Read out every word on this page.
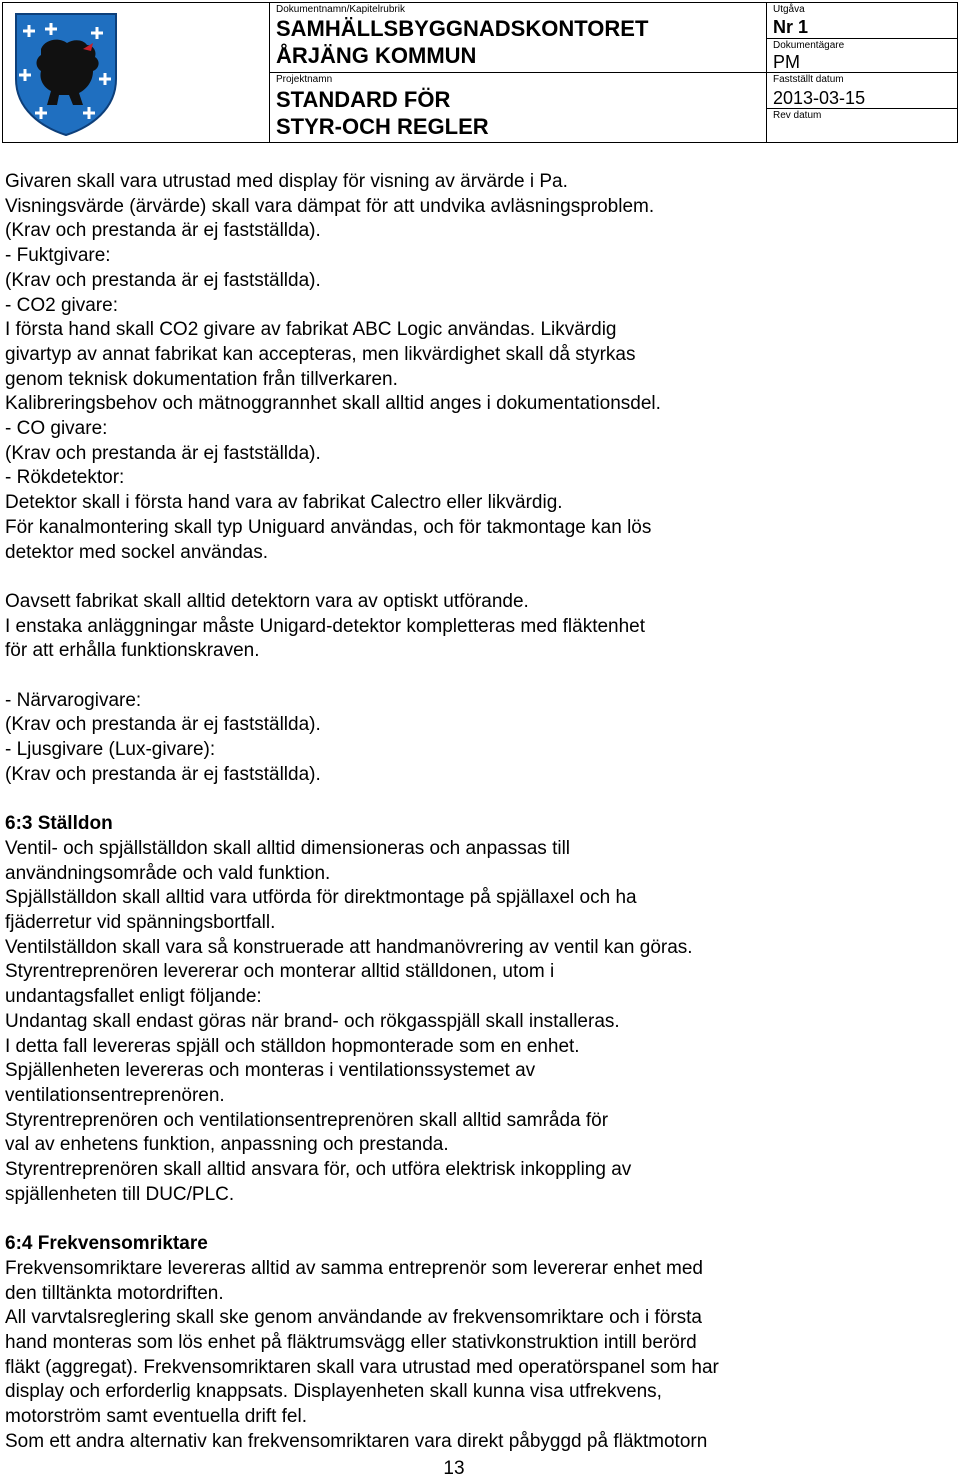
Dokumentnamn/Kapitelrubrik
SAMHÄLLSBYGGNADSKONTORET
ÅRJÄNG KOMMUN
Projektnamn
STANDARD FÖR
STYR-OCH REGLER
Utgåva
Nr 1
Dokumentägare
PM
Fastställt datum
2013-03-15
Rev datum

Givaren skall vara utrustad med display för visning av ärvärde i Pa.

Visningsvärde (ärvärde) skall vara dämpat för att undvika avläsningsproblem.

(Krav och prestanda är ej fastställda).

- Fuktgivare:

(Krav och prestanda är ej fastställda).

- CO2 givare:

I första hand skall CO2 givare av fabrikat ABC Logic användas. Likvärdig

givartyp av annat fabrikat kan accepteras, men likvärdighet skall då styrkas

genom teknisk dokumentation från tillverkaren.

Kalibreringsbehov och mätnoggrannhet skall alltid anges i dokumentationsdel.

- CO givare:

(Krav och prestanda är ej fastställda).

- Rökdetektor:

Detektor skall i första hand vara av fabrikat Calectro eller likvärdig.

För kanalmontering skall typ Uniguard användas, och för takmontage kan lös

detektor med sockel användas.

Oavsett fabrikat skall alltid detektorn vara av optiskt utförande.

I enstaka anläggningar måste Unigard-detektor kompletteras med fläktenhet

för att erhålla funktionskraven.

- Närvarogivare:

(Krav och prestanda är ej fastställda).

- Ljusgivare (Lux-givare):

(Krav och prestanda är ej fastställda).

6:3 Ställdon

Ventil- och spjällställdon skall alltid dimensioneras och anpassas till

användningsområde och vald funktion.

Spjällställdon skall alltid vara utförda för direktmontage på spjällaxel och ha

fjäderretur vid spänningsbortfall.

Ventilställdon skall vara så konstruerade att handmanövrering av ventil kan göras.

Styrentreprenören levererar och monterar alltid ställdonen, utom i

undantagsfallet enligt följande:

Undantag skall endast göras när brand- och rökgasspjäll skall installeras.

I detta fall levereras spjäll och ställdon hopmonterade som en enhet.

Spjällenheten levereras och monteras i ventilationssystemet av

ventilationsentreprenören.

Styrentreprenören och ventilationsentreprenören skall alltid samråda för

val av enhetens funktion, anpassning och prestanda.

Styrentreprenören skall alltid ansvara för, och utföra elektrisk inkoppling av

spjällenheten till DUC/PLC.

6:4 Frekvensomriktare

Frekvensomriktare levereras alltid av samma entreprenör som levererar enhet med

den tilltänkta motordriften.

All varvtalsreglering skall ske genom användande av frekvensomriktare och i första

hand monteras som lös enhet på fläktrumsvägg eller stativkonstruktion intill berörd

fläkt (aggregat). Frekvensomriktaren skall vara utrustad med operatörspanel som har

display och erforderlig knappsats. Displayenheten skall kunna visa utfrekvens,

motorström samt eventuella drift fel.

Som ett andra alternativ kan frekvensomriktaren vara direkt påbyggd på fläktmotorn

13
